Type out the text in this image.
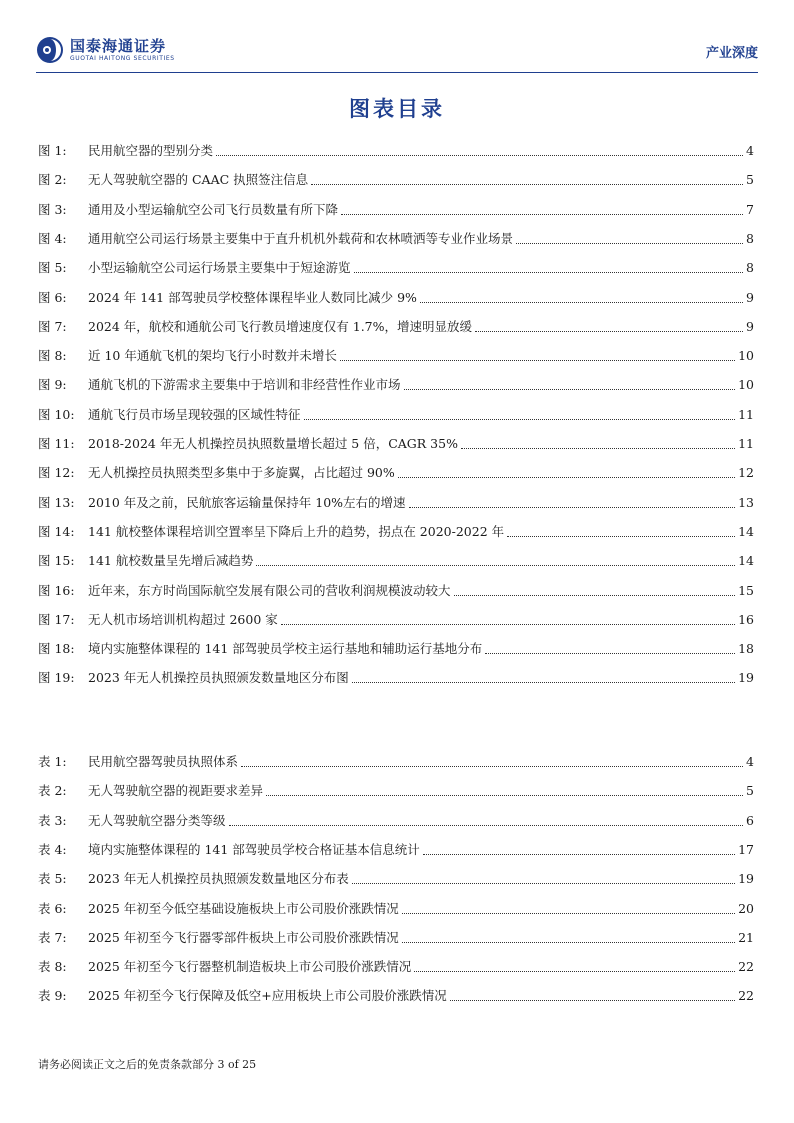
国泰海通证券
GUOTAI HAITONG SECURITIES	产业深度
图表目录
图 1:	民用航空器的型别分类	4
图 2:	无人驾驶航空器的 CAAC 执照签注信息	5
图 3:	通用及小型运输航空公司飞行员数量有所下降	7
图 4:	通用航空公司运行场景主要集中于直升机机外载荷和农林喷洒等专业作业场景	8
图 5:	小型运输航空公司运行场景主要集中于短途游览	8
图 6:	2024 年 141 部驾驶员学校整体课程毕业人数同比减少 9%	9
图 7:	2024 年，航校和通航公司飞行教员增速度仅有 1.7%，增速明显放缓	9
图 8:	近 10 年通航飞机的架均飞行小时数并未增长	10
图 9:	通航飞机的下游需求主要集中于培训和非经营性作业市场	10
图 10:	通航飞行员市场呈现较强的区域性特征	11
图 11:	2018-2024 年无人机操控员执照数量增长超过 5 倍，CAGR 35%	11
图 12:	无人机操控员执照类型多集中于多旋翼，占比超过 90%	12
图 13:	2010 年及之前，民航旅客运输量保持年 10%左右的增速	13
图 14:	141 航校整体课程培训空置率呈下降后上升的趋势，拐点在 2020-2022 年	14
图 15:	141 航校数量呈先增后减趋势	14
图 16:	近年来，东方时尚国际航空发展有限公司的营收利润规模波动较大	15
图 17:	无人机市场培训机构超过 2600 家	16
图 18:	境内实施整体课程的 141 部驾驶员学校主运行基地和辅助运行基地分布	18
图 19:	2023 年无人机操控员执照颁发数量地区分布图	19
表 1:	民用航空器驾驶员执照体系	4
表 2:	无人驾驶航空器的视距要求差异	5
表 3:	无人驾驶航空器分类等级	6
表 4:	境内实施整体课程的 141 部驾驶员学校合格证基本信息统计	17
表 5:	2023 年无人机操控员执照颁发数量地区分布表	19
表 6:	2025 年初至今低空基础设施板块上市公司股价涨跌情况	20
表 7:	2025 年初至今飞行器零部件板块上市公司股价涨跌情况	21
表 8:	2025 年初至今飞行器整机制造板块上市公司股价涨跌情况	22
表 9:	2025 年初至今飞行保障及低空+应用板块上市公司股价涨跌情况	22
请务必阅读正文之后的免责条款部分 3 of 25
